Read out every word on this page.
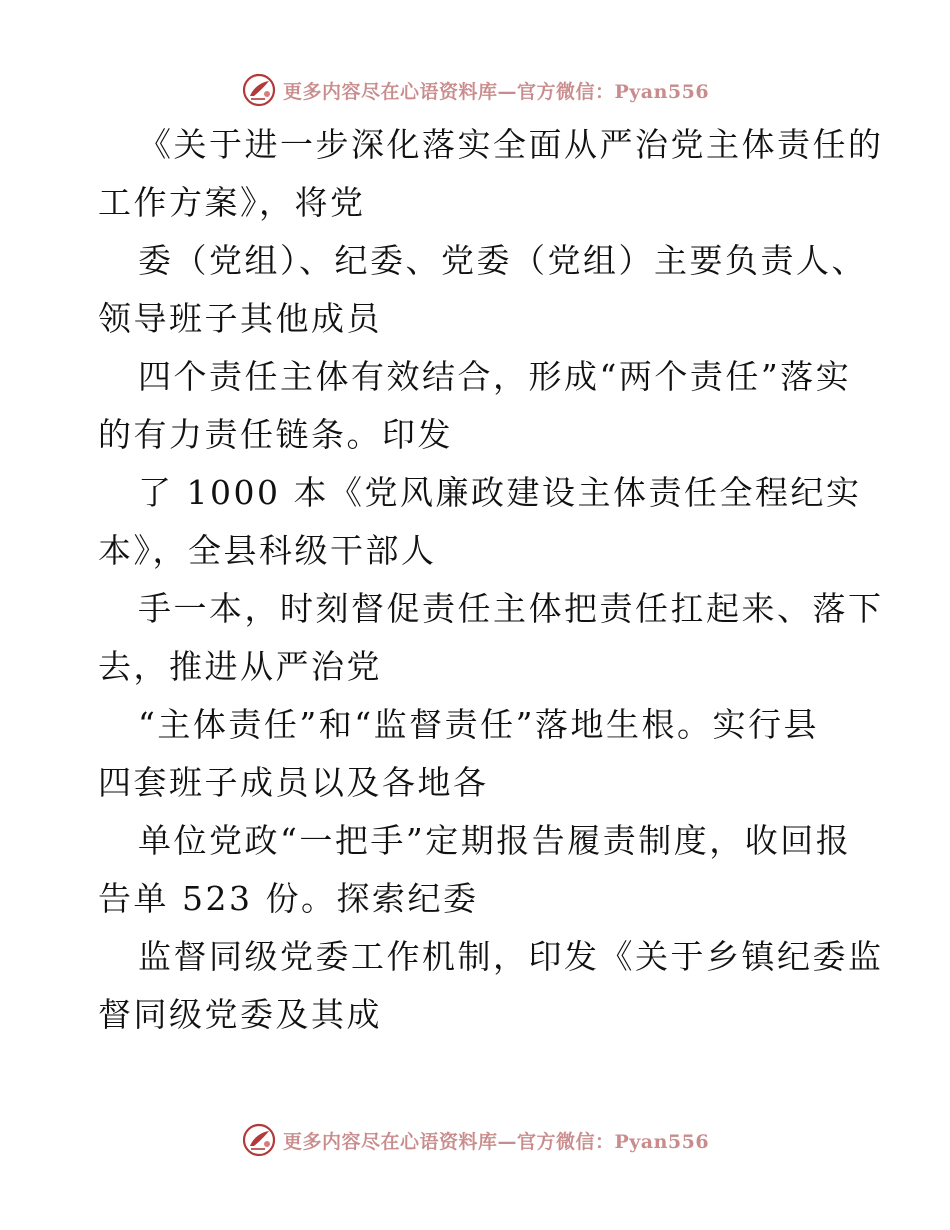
更多内容尽在心语资料库—官方微信：Pyan556

《关于进一步深化落实全面从严治党主体责任的

工作方案》，将党

委（党组）、纪委、党委（党组）主要负责人、

领导班子其他成员

四个责任主体有效结合，形成“两个责任”落实

的有力责任链条。印发

了 1000 本《党风廉政建设主体责任全程纪实

本》，全县科级干部人

手一本，时刻督促责任主体把责任扛起来、落下

去，推进从严治党

“主体责任”和“监督责任”落地生根。实行县

四套班子成员以及各地各

单位党政“一把手”定期报告履责制度，收回报

告单 523 份。探索纪委

监督同级党委工作机制，印发《关于乡镇纪委监

督同级党委及其成

更多内容尽在心语资料库—官方微信：Pyan556
